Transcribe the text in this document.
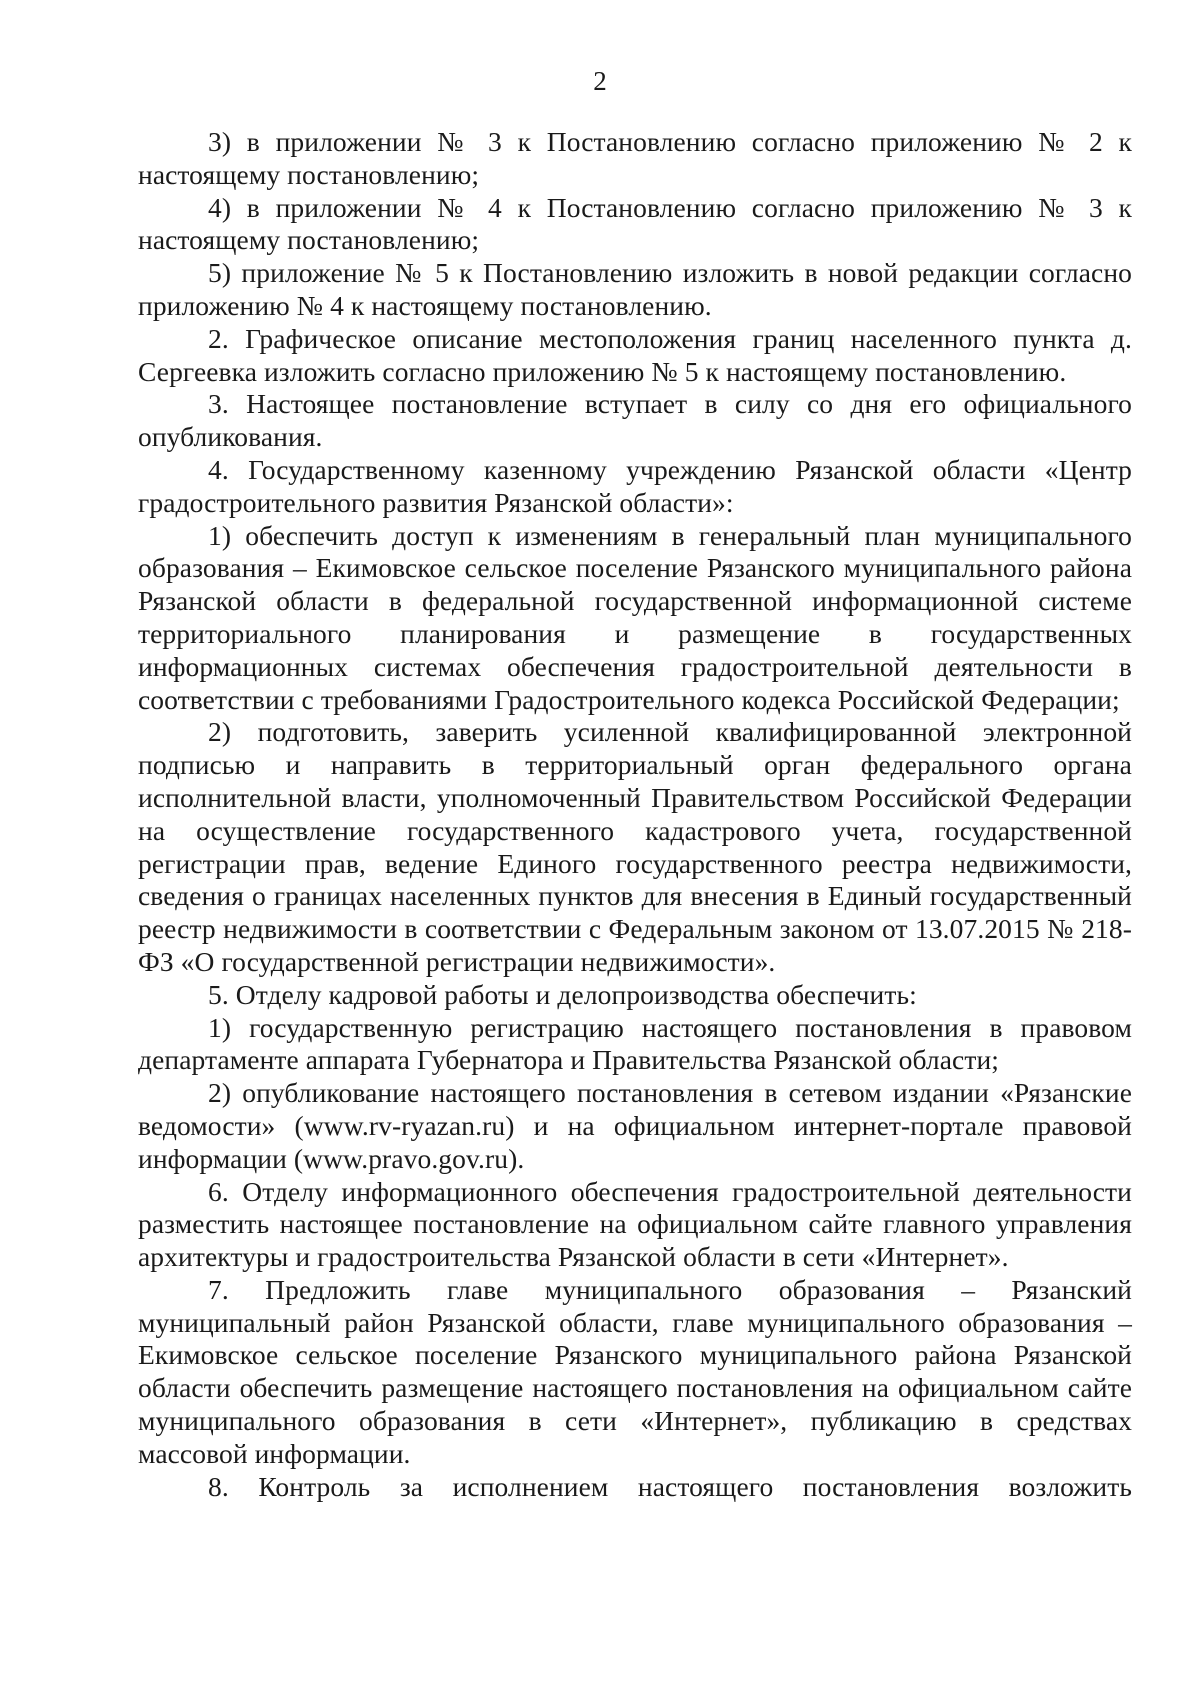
2

3) в приложении № 3 к Постановлению согласно приложению № 2 к настоящему постановлению;

4) в приложении № 4 к Постановлению согласно приложению № 3 к настоящему постановлению;

5) приложение № 5 к Постановлению изложить в новой редакции согласно приложению № 4 к настоящему постановлению.

2. Графическое описание местоположения границ населенного пункта д. Сергеевка изложить согласно приложению № 5 к настоящему постановлению.

3. Настоящее постановление вступает в силу со дня его официального опубликования.

4. Государственному казенному учреждению Рязанской области «Центр градостроительного развития Рязанской области»:

1) обеспечить доступ к изменениям в генеральный план муниципального образования – Екимовское сельское поселение Рязанского муниципального района Рязанской области в федеральной государственной информационной системе территориального планирования и размещение в государственных информационных системах обеспечения градостроительной деятельности в соответствии с требованиями Градостроительного кодекса Российской Федерации;

2) подготовить, заверить усиленной квалифицированной электронной подписью и направить в территориальный орган федерального органа исполнительной власти, уполномоченный Правительством Российской Федерации на осуществление государственного кадастрового учета, государственной регистрации прав, ведение Единого государственного реестра недвижимости, сведения о границах населенных пунктов для внесения в Единый государственный реестр недвижимости в соответствии с Федеральным законом от 13.07.2015 № 218-ФЗ «О государственной регистрации недвижимости».

5. Отделу кадровой работы и делопроизводства обеспечить:

1) государственную регистрацию настоящего постановления в правовом департаменте аппарата Губернатора и Правительства Рязанской области;

2) опубликование настоящего постановления в сетевом издании «Рязанские ведомости» (www.rv-ryazan.ru) и на официальном интернет-портале правовой информации (www.pravo.gov.ru).

6. Отделу информационного обеспечения градостроительной деятельности разместить настоящее постановление на официальном сайте главного управления архитектуры и градостроительства Рязанской области в сети «Интернет».

7. Предложить главе муниципального образования – Рязанский муниципальный район Рязанской области, главе муниципального образования – Екимовское сельское поселение Рязанского муниципального района Рязанской области обеспечить размещение настоящего постановления на официальном сайте муниципального образования в сети «Интернет», публикацию в средствах массовой информации.

8. Контроль за исполнением настоящего постановления возложить
